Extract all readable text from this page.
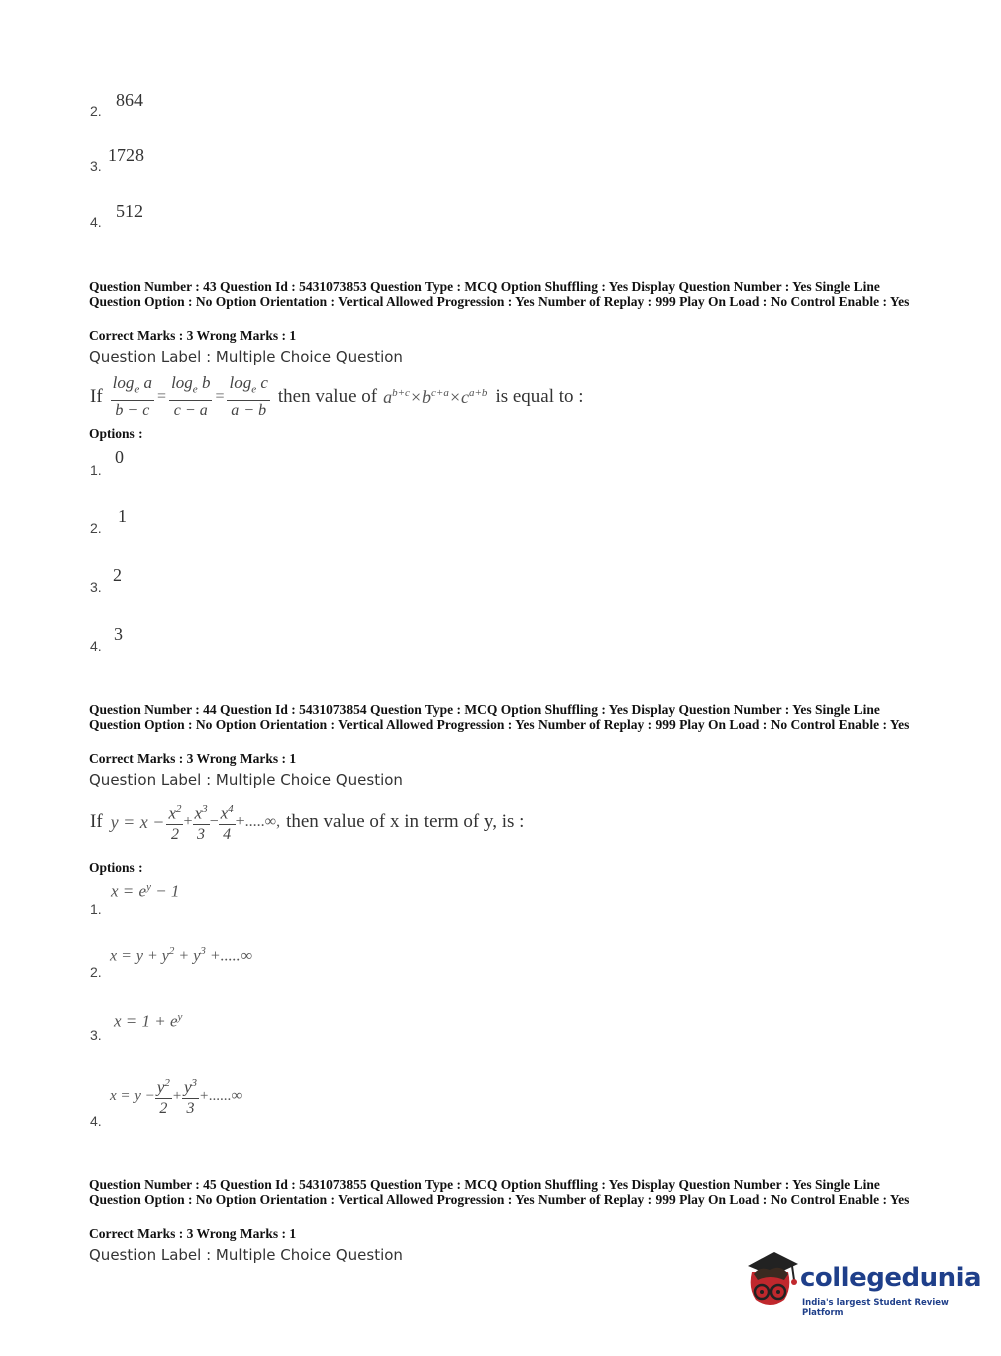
2.
864
3.
1728
4.
512
Question Number : 43 Question Id : 5431073853 Question Type : MCQ Option Shuffling : Yes Display Question Number : Yes Single Line Question Option : No Option Orientation : Vertical Allowed Progression : Yes Number of Replay : 999 Play On Load : No Control Enable : Yes
Correct Marks : 3 Wrong Marks : 1
Question Label : Multiple Choice Question
If $\frac{\log_e a}{b - c} = \frac{\log_e b}{c - a} = \frac{\log_e c}{a - b}$ then value of $a^{b+c}\times b^{c+a}\times c^{a+b}$ is equal to :
Options :
1.
0
2.
1
3.
2
4.
3
Question Number : 44 Question Id : 5431073854 Question Type : MCQ Option Shuffling : Yes Display Question Number : Yes Single Line Question Option : No Option Orientation : Vertical Allowed Progression : Yes Number of Replay : 999 Play On Load : No Control Enable : Yes
Correct Marks : 3 Wrong Marks : 1
Question Label : Multiple Choice Question
If $y = x - \frac{x^2}{2} + \frac{x^3}{3} - \frac{x^4}{4}$ +.....∞, then value of x in term of y, is :
Options :
1.
$x = e^y - 1$
2.
$x = y + y^2 + y^3$ +.....∞
3.
$x = 1 + e^y$
4.
$x = y - \frac{y^2}{2} + \frac{y^3}{3}$ +......∞
Question Number : 45 Question Id : 5431073855 Question Type : MCQ Option Shuffling : Yes Display Question Number : Yes Single Line Question Option : No Option Orientation : Vertical Allowed Progression : Yes Number of Replay : 999 Play On Load : No Control Enable : Yes
Correct Marks : 3 Wrong Marks : 1
Question Label : Multiple Choice Question
collegedunia
India's largest Student Review Platform
